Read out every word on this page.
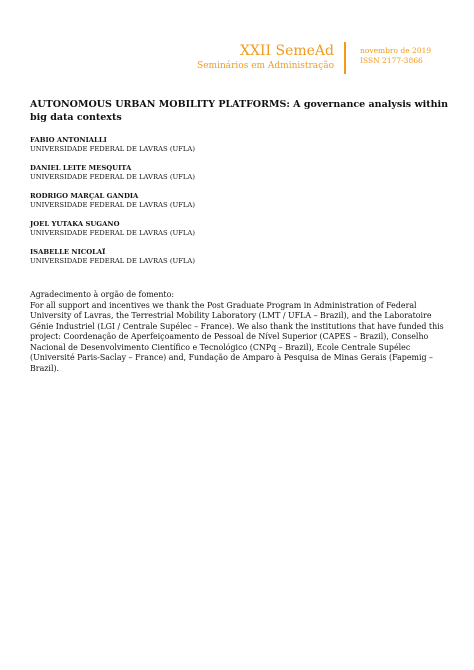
XXII SemeAd
Seminários em Administração
novembro de 2019
ISSN 2177-3866
AUTONOMOUS URBAN MOBILITY PLATFORMS: A governance analysis within big data contexts
FABIO ANTONIALLI
UNIVERSIDADE FEDERAL DE LAVRAS (UFLA)
DANIEL LEITE MESQUITA
UNIVERSIDADE FEDERAL DE LAVRAS (UFLA)
RODRIGO MARÇAL GANDIA
UNIVERSIDADE FEDERAL DE LAVRAS (UFLA)
JOEL YUTAKA SUGANO
UNIVERSIDADE FEDERAL DE LAVRAS (UFLA)
ISABELLE NICOLAÏ
UNIVERSIDADE FEDERAL DE LAVRAS (UFLA)
Agradecimento à orgão de fomento:
For all support and incentives we thank the Post Graduate Program in Administration of Federal University of Lavras, the Terrestrial Mobility Laboratory (LMT / UFLA – Brazil), and the Laboratoire Génie Industriel (LGI / Centrale Supélec – France). We also thank the institutions that have funded this project: Coordenação de Aperfeiçoamento de Pessoal de Nível Superior (CAPES – Brazil), Conselho Nacional de Desenvolvimento Científico e Tecnológico (CNPq – Brazil), Ecole Centrale Supélec (Université Paris-Saclay – France) and, Fundação de Amparo à Pesquisa de Minas Gerais (Fapemig – Brazil).
